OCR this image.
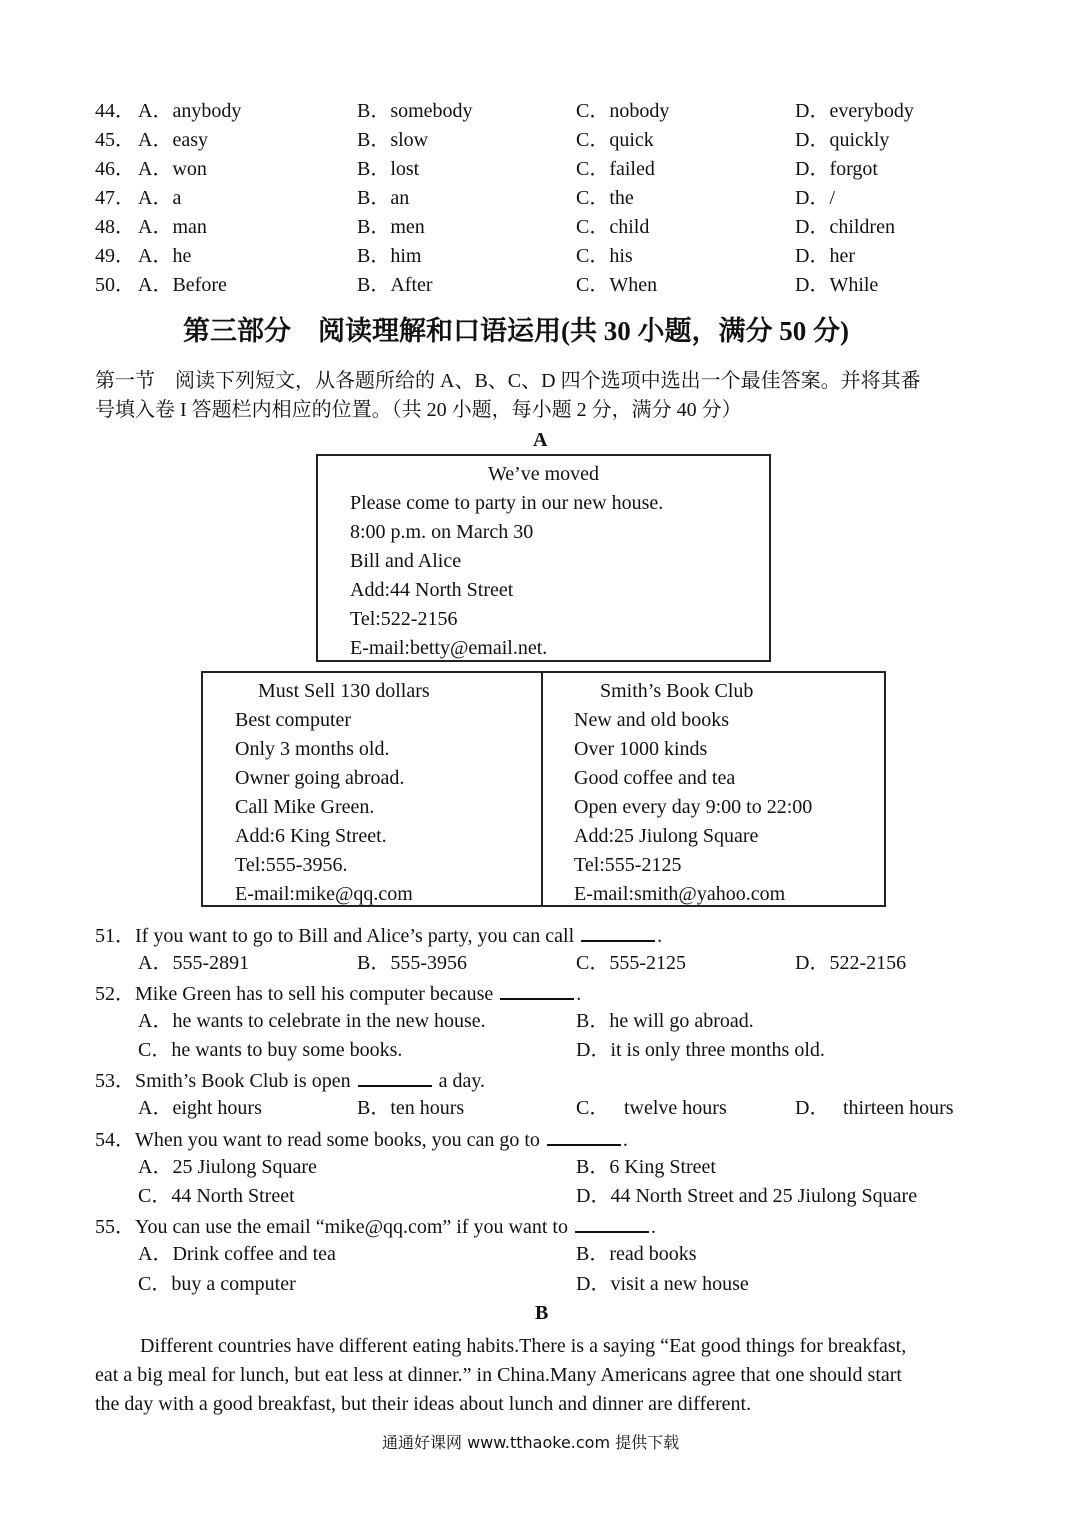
44． A．anybody	B．somebody	C．nobody	D．everybody
45． A．easy	B．slow	C．quick	D．quickly
46． A．won	B．lost	C．failed	D．forgot
47． A．a	B．an	C．the	D．/
48． A．man	B．men	C．child	D．children
49． A．he	B．him	C．his	D．her
50． A．Before	B．After	C．When	D．While
第三部分　阅读理解和口语运用(共 30 小题，满分 50 分)
第一节　阅读下列短文，从各题所给的 A、B、C、D 四个选项中选出一个最佳答案。并将其番
号填入卷 I 答题栏内相应的位置。（共 20 小题，每小题 2 分，满分 40 分）
A
We’ve moved
Please come to party in our new house.
8:00 p.m. on March 30
Bill and Alice
Add:44 North Street
Tel:522-2156
E-mail:betty@email.net.
Must Sell 130 dollars
Best computer
Only 3 months old.
Owner going abroad.
Call Mike Green.
Add:6 King Street.
Tel:555-3956.
E-mail:mike@qq.com
Smith’s Book Club
New and old books
Over 1000 kinds
Good coffee and tea
Open every day 9:00 to 22:00
Add:25 Jiulong Square
Tel:555-2125
E-mail:smith@yahoo.com
51．If you want to go to Bill and Alice’s party, you can call	.
A．555-2891	B．555-3956	C．555-2125	D．522-2156
52．Mike Green has to sell his computer because	.
A．he wants to celebrate in the new house.	B．he will go abroad.
C．he wants to buy some books.	D．it is only three months old.
53．Smith’s Book Club is open	a day.
A．eight hours	B．ten hours	C． twelve hours	D． thirteen hours
54．When you want to read some books, you can go to	.
A．25 Jiulong Square	B．6 King Street
C．44 North Street	D．44 North Street and 25 Jiulong Square
55．You can use the email “mike@qq.com” if you want to	.
A．Drink coffee and tea	B．read books
C．buy a computer	D．visit a new house
B
Different countries have different eating habits.There is a saying “Eat good things for breakfast,
eat a big meal for lunch, but eat less at dinner.” in China.Many Americans agree that one should start
the day with a good breakfast, but their ideas about lunch and dinner are different.
通通好课网 www.tthaoke.com 提供下载
